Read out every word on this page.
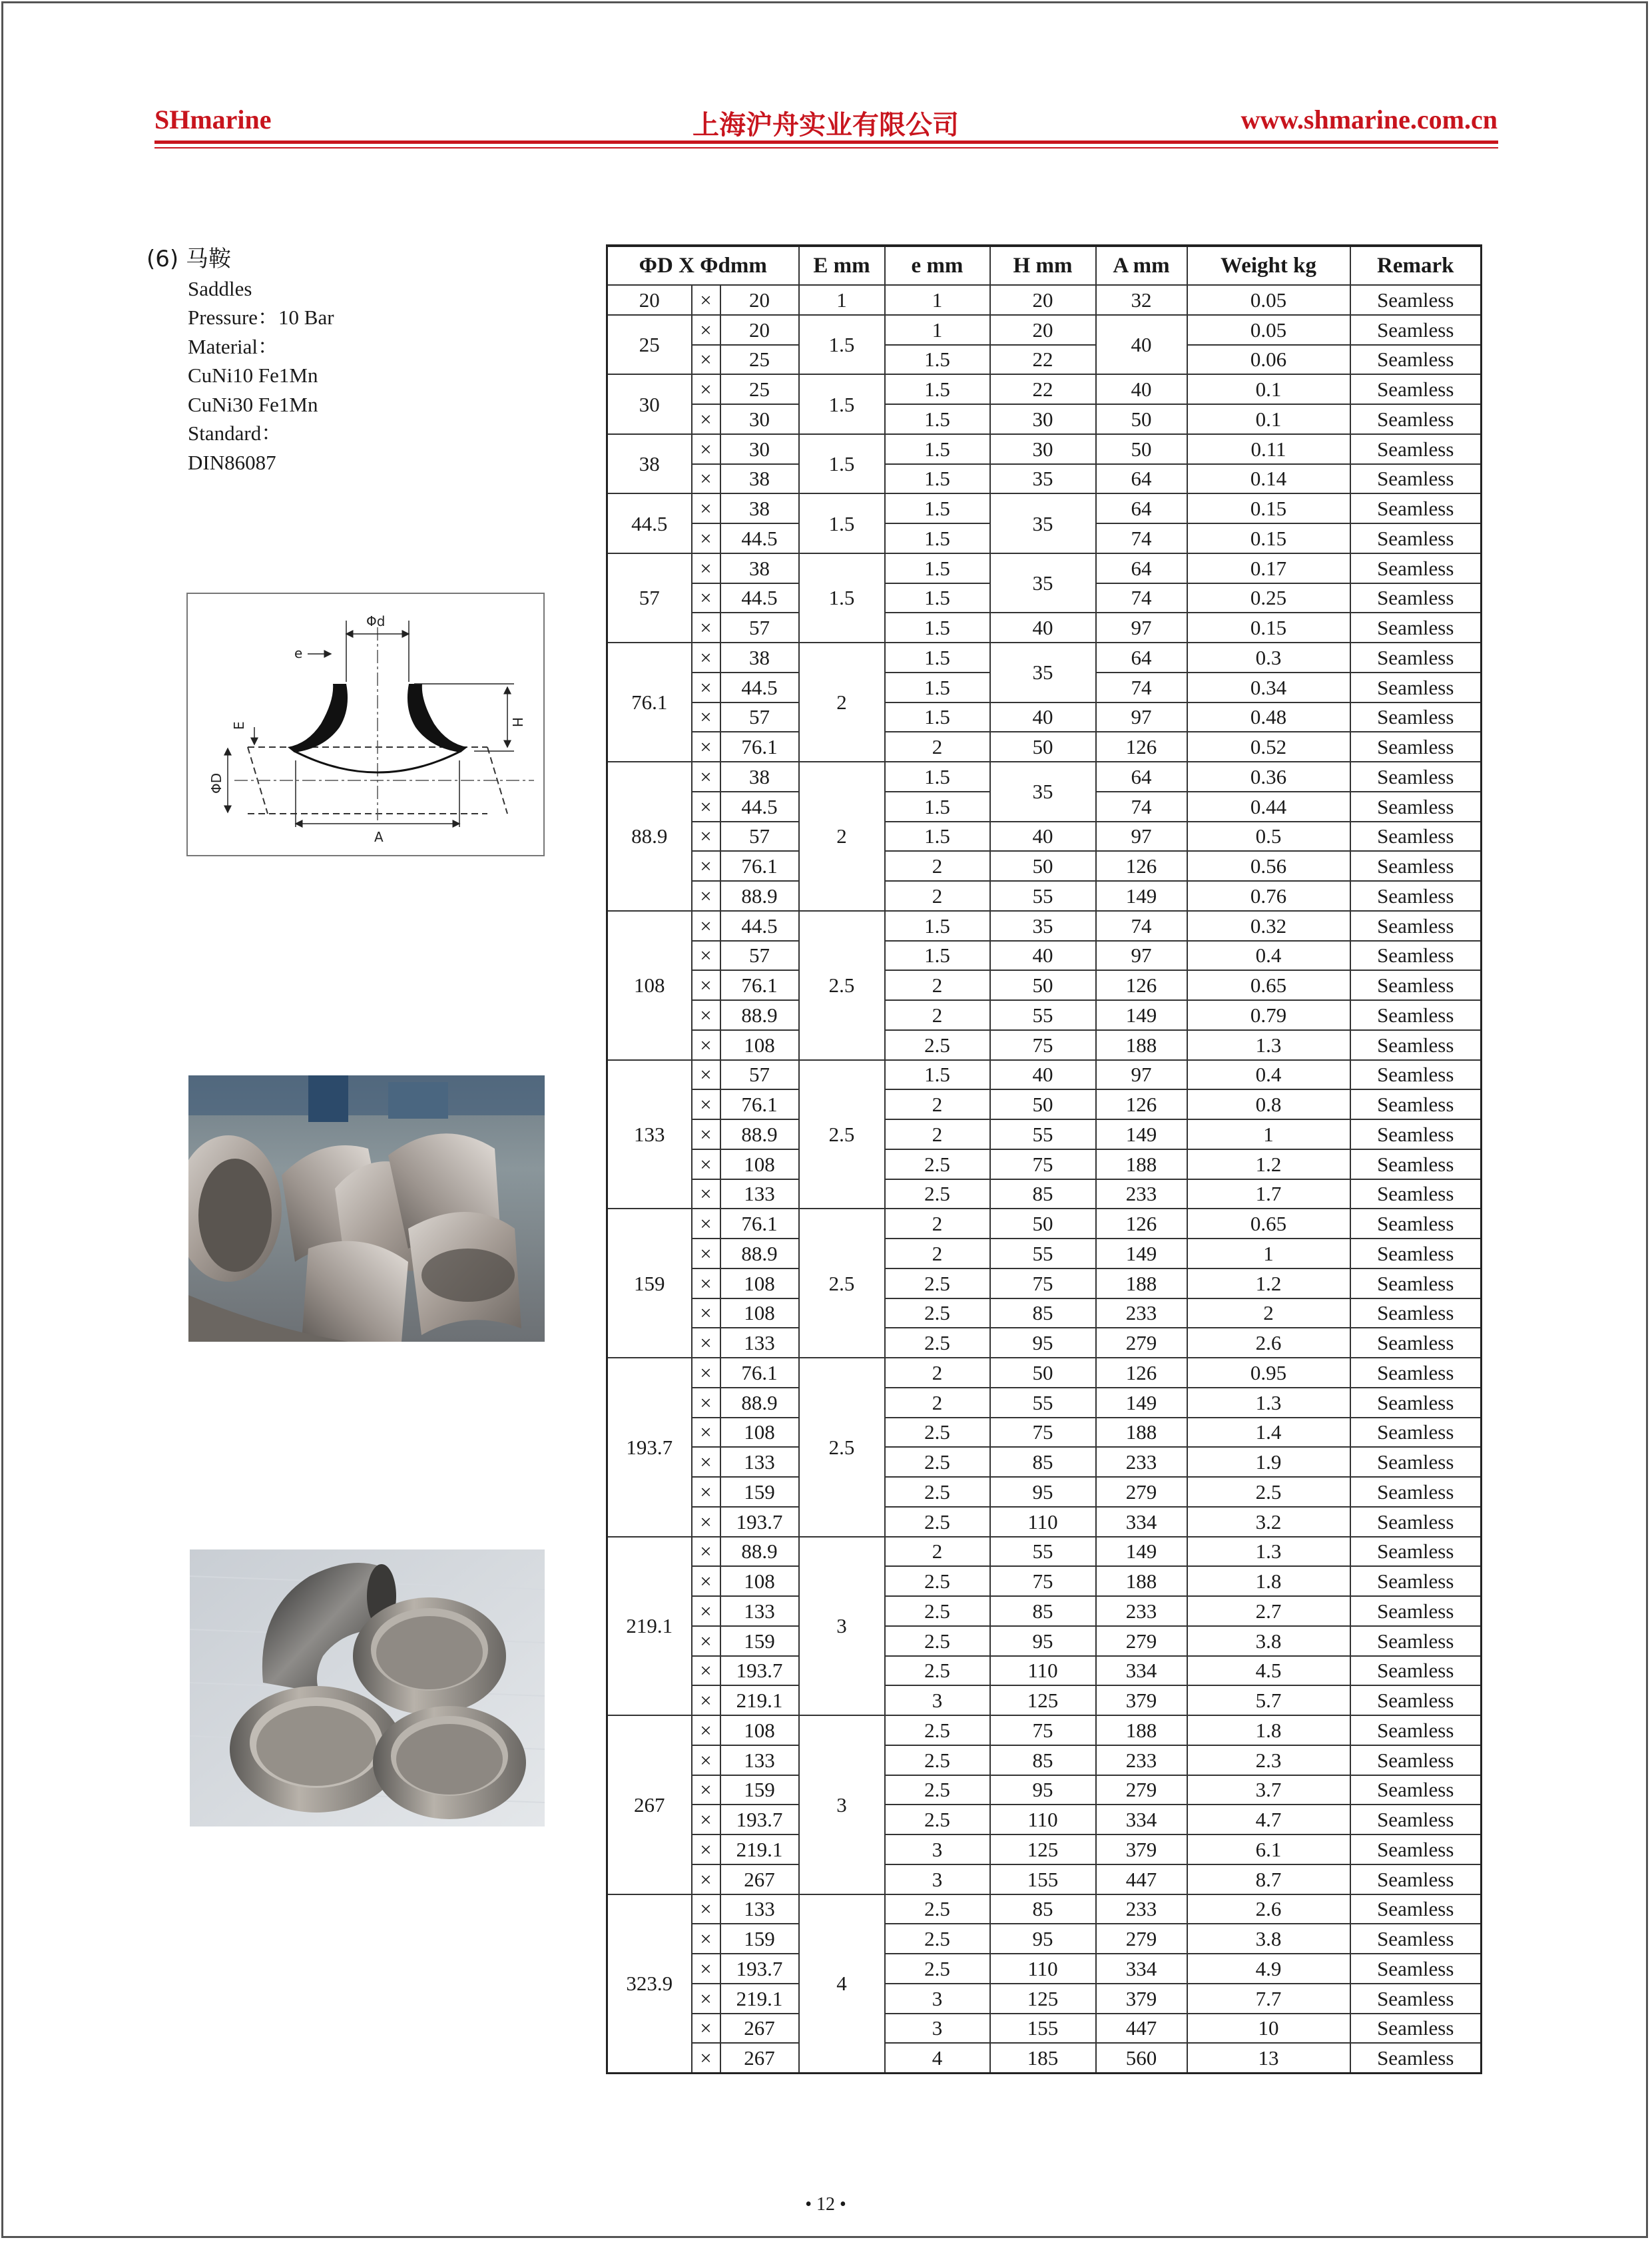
SHmarine	上海沪舟实业有限公司	www.shmarine.com.cn
(6) 马鞍
Saddles
Pressure：10 Bar
Material：
CuNi10 Fe1Mn
CuNi30 Fe1Mn
Standard：
DIN86087
Φd
e
H
E
ΦD
A
ΦD X Φdmm			E mm	e mm	H mm	A mm	Weight kg	Remark
20	×	20	1	1	20	32	0.05	Seamless
25	×	20	1.5	1	20	40	0.05	Seamless
	×	25		1.5	22		0.06	Seamless
30	×	25	1.5	1.5	22	40	0.1	Seamless
	×	30		1.5	30	50	0.1	Seamless
38	×	30	1.5	1.5	30	50	0.11	Seamless
	×	38		1.5	35	64	0.14	Seamless
44.5	×	38	1.5	1.5	35	64	0.15	Seamless
	×	44.5		1.5		74	0.15	Seamless
57	×	38	1.5	1.5	35	64	0.17	Seamless
	×	44.5		1.5		74	0.25	Seamless
	×	57		1.5	40	97	0.15	Seamless
76.1	×	38	2	1.5	35	64	0.3	Seamless
	×	44.5		1.5		74	0.34	Seamless
	×	57		1.5	40	97	0.48	Seamless
	×	76.1		2	50	126	0.52	Seamless
88.9	×	38	2	1.5	35	64	0.36	Seamless
	×	44.5		1.5		74	0.44	Seamless
	×	57		1.5	40	97	0.5	Seamless
	×	76.1		2	50	126	0.56	Seamless
	×	88.9		2	55	149	0.76	Seamless
108	×	44.5	2.5	1.5	35	74	0.32	Seamless
	×	57		1.5	40	97	0.4	Seamless
	×	76.1		2	50	126	0.65	Seamless
	×	88.9		2	55	149	0.79	Seamless
	×	108		2.5	75	188	1.3	Seamless
133	×	57	2.5	1.5	40	97	0.4	Seamless
	×	76.1		2	50	126	0.8	Seamless
	×	88.9		2	55	149	1	Seamless
	×	108		2.5	75	188	1.2	Seamless
	×	133		2.5	85	233	1.7	Seamless
159	×	76.1	2.5	2	50	126	0.65	Seamless
	×	88.9		2	55	149	1	Seamless
	×	108		2.5	75	188	1.2	Seamless
	×	108		2.5	85	233	2	Seamless
	×	133		2.5	95	279	2.6	Seamless
193.7	×	76.1	2.5	2	50	126	0.95	Seamless
	×	88.9		2	55	149	1.3	Seamless
	×	108		2.5	75	188	1.4	Seamless
	×	133		2.5	85	233	1.9	Seamless
	×	159		2.5	95	279	2.5	Seamless
	×	193.7		2.5	110	334	3.2	Seamless
219.1	×	88.9	3	2	55	149	1.3	Seamless
	×	108		2.5	75	188	1.8	Seamless
	×	133		2.5	85	233	2.7	Seamless
	×	159		2.5	95	279	3.8	Seamless
	×	193.7		2.5	110	334	4.5	Seamless
	×	219.1		3	125	379	5.7	Seamless
267	×	108	3	2.5	75	188	1.8	Seamless
	×	133		2.5	85	233	2.3	Seamless
	×	159		2.5	95	279	3.7	Seamless
	×	193.7		2.5	110	334	4.7	Seamless
	×	219.1		3	125	379	6.1	Seamless
	×	267		3	155	447	8.7	Seamless
323.9	×	133	4	2.5	85	233	2.6	Seamless
	×	159		2.5	95	279	3.8	Seamless
	×	193.7		2.5	110	334	4.9	Seamless
	×	219.1		3	125	379	7.7	Seamless
	×	267		3	155	447	10	Seamless
	×	267		4	185	560	13	Seamless
• 12 •
